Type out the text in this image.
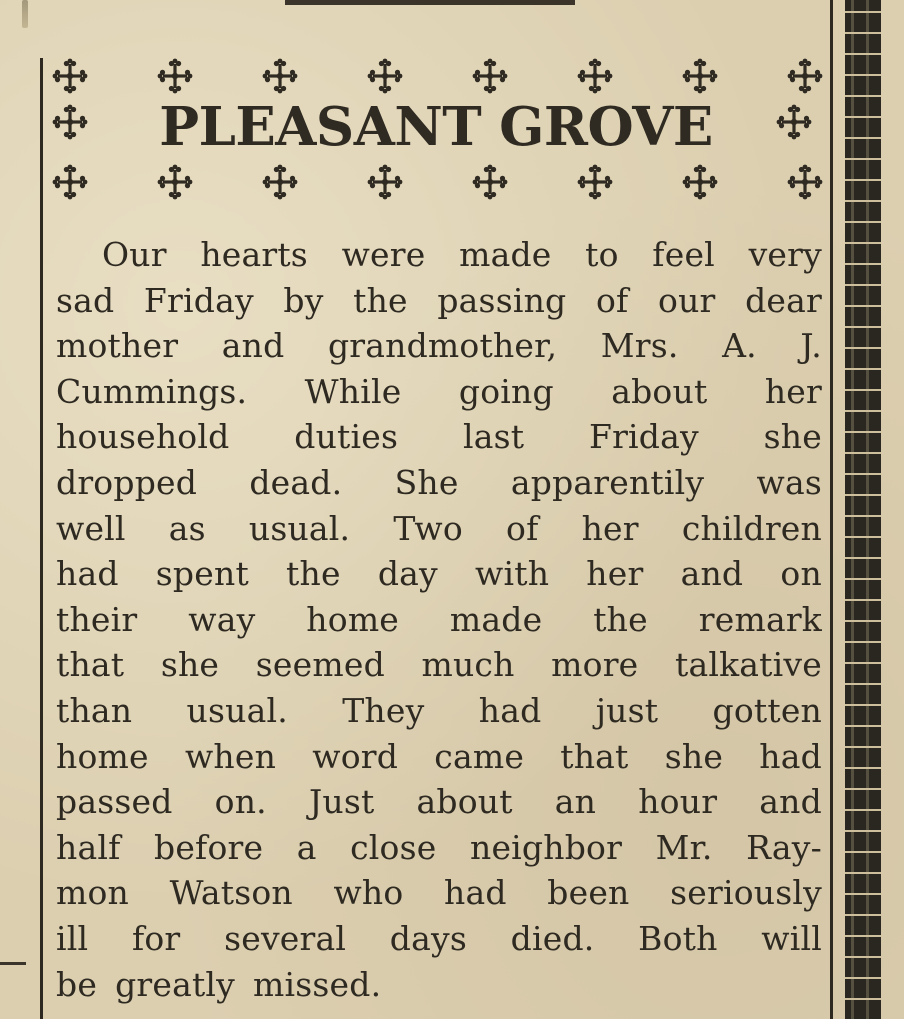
PLEASANT GROVE
Our hearts were made to feel very
sad Friday by the passing of our dear
mother and grandmother, Mrs. A. J.
Cummings. While going about her
household duties last Friday she
dropped dead. She apparentily was
well as usual. Two of her children
had spent the day with her and on
their way home made the remark
that she seemed much more talkative
than usual. They had just gotten
home when word came that she had
passed on. Just about an hour and
half before a close neighbor Mr. Ray-
mon Watson who had been seriously
ill for several days died. Both will
be greatly missed.
